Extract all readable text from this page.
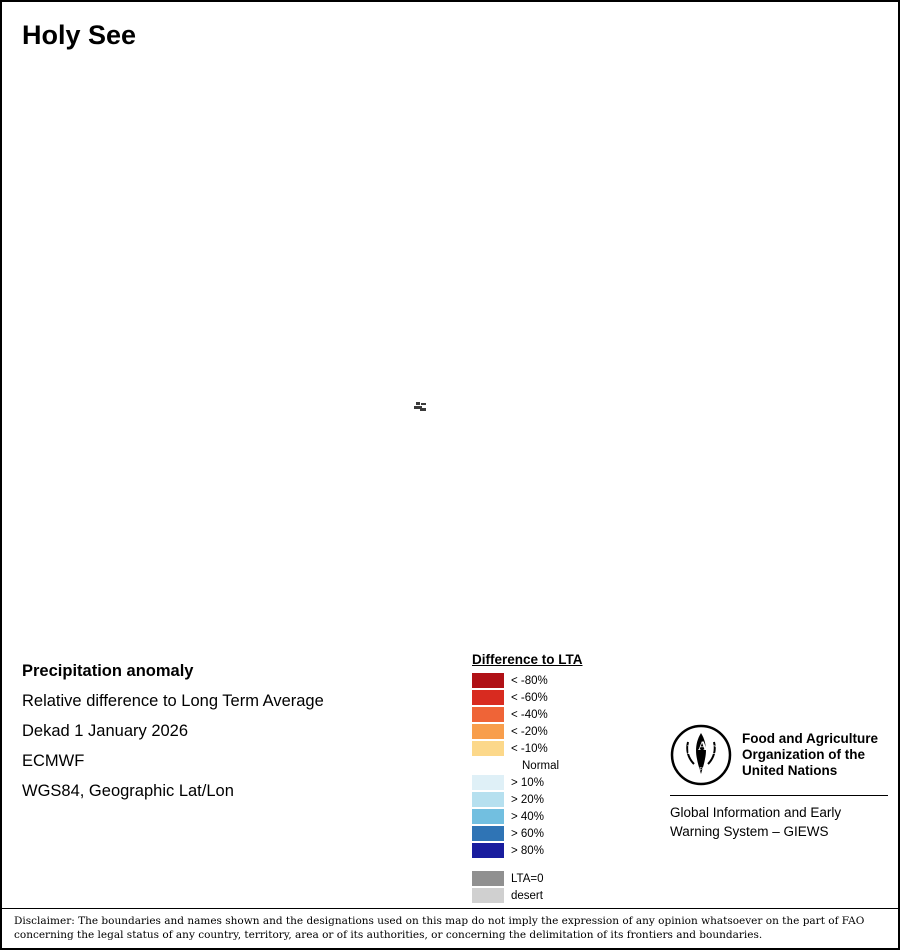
Holy See
Precipitation anomaly
Relative difference to Long Term Average
Dekad 1 January 2026
ECMWF
WGS84, Geographic Lat/Lon
Difference to LTA
< -80%
< -60%
< -40%
< -20%
< -10%
Normal
> 10%
> 20%
> 40%
> 60%
> 80%
LTA=0
desert
F A O
FIAT PANIS
Food and Agriculture
Organization of the
United Nations
Global Information and Early
Warning System – GIEWS
Disclaimer: The boundaries and names shown and the designations used on this map do not imply the expression of any opinion whatsoever on the part of FAO
concerning the legal status of any country, territory, area or of its authorities, or concerning the delimitation of its frontiers and boundaries.
